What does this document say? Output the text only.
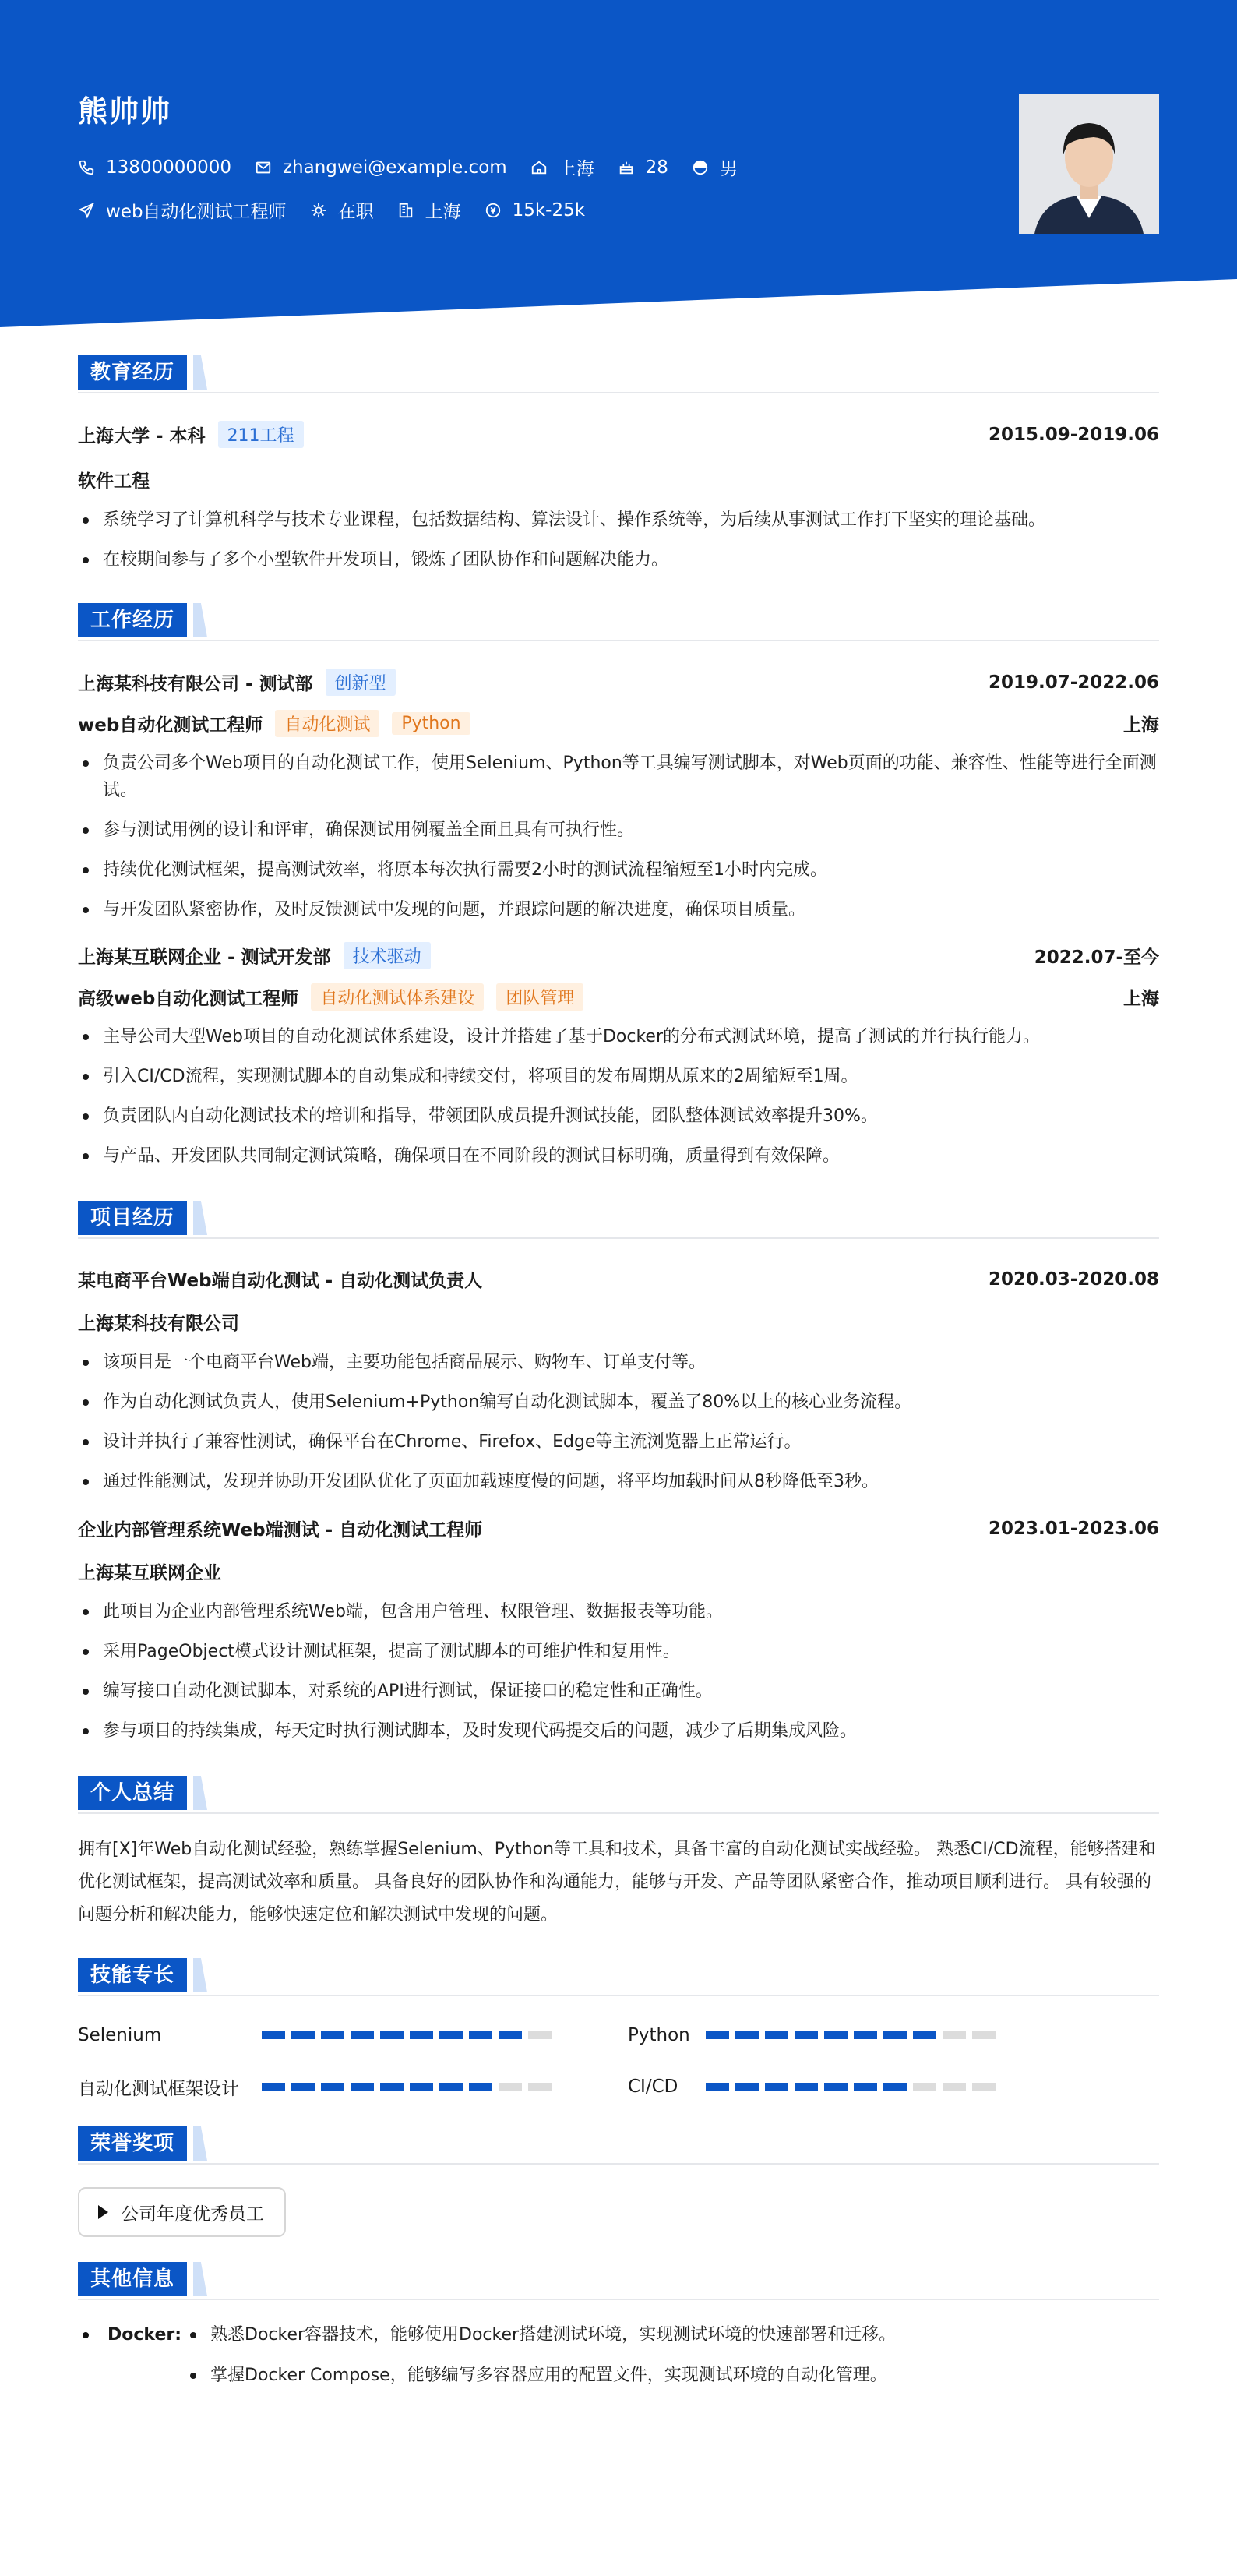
熊帅帅
13800000000	zhangwei@example.com	上海	28	男
web自动化测试工程师	在职	上海	15k-25k
教育经历
上海大学 - 本科	211工程	2015.09-2019.06
软件工程
系统学习了计算机科学与技术专业课程，包括数据结构、算法设计、操作系统等，为后续从事测试工作打下坚实的理论基础。
在校期间参与了多个小型软件开发项目，锻炼了团队协作和问题解决能力。
工作经历
上海某科技有限公司 - 测试部	创新型	2019.07-2022.06
web自动化测试工程师	自动化测试	Python	上海
负责公司多个Web项目的自动化测试工作，使用Selenium、Python等工具编写测试脚本，对Web页面的功能、兼容性、性能等进行全面测试。
参与测试用例的设计和评审，确保测试用例覆盖全面且具有可执行性。
持续优化测试框架，提高测试效率，将原本每次执行需要2小时的测试流程缩短至1小时内完成。
与开发团队紧密协作，及时反馈测试中发现的问题，并跟踪问题的解决进度，确保项目质量。
上海某互联网企业 - 测试开发部	技术驱动	2022.07-至今
高级web自动化测试工程师	自动化测试体系建设	团队管理	上海
主导公司大型Web项目的自动化测试体系建设，设计并搭建了基于Docker的分布式测试环境，提高了测试的并行执行能力。
引入CI/CD流程，实现测试脚本的自动集成和持续交付，将项目的发布周期从原来的2周缩短至1周。
负责团队内自动化测试技术的培训和指导，带领团队成员提升测试技能，团队整体测试效率提升30%。
与产品、开发团队共同制定测试策略，确保项目在不同阶段的测试目标明确，质量得到有效保障。
项目经历
某电商平台Web端自动化测试 - 自动化测试负责人	2020.03-2020.08
上海某科技有限公司
该项目是一个电商平台Web端，主要功能包括商品展示、购物车、订单支付等。
作为自动化测试负责人，使用Selenium+Python编写自动化测试脚本，覆盖了80%以上的核心业务流程。
设计并执行了兼容性测试，确保平台在Chrome、Firefox、Edge等主流浏览器上正常运行。
通过性能测试，发现并协助开发团队优化了页面加载速度慢的问题，将平均加载时间从8秒降低至3秒。
企业内部管理系统Web端测试 - 自动化测试工程师	2023.01-2023.06
上海某互联网企业
此项目为企业内部管理系统Web端，包含用户管理、权限管理、数据报表等功能。
采用PageObject模式设计测试框架，提高了测试脚本的可维护性和复用性。
编写接口自动化测试脚本，对系统的API进行测试，保证接口的稳定性和正确性。
参与项目的持续集成，每天定时执行测试脚本，及时发现代码提交后的问题，减少了后期集成风险。
个人总结
拥有[X]年Web自动化测试经验，熟练掌握Selenium、Python等工具和技术，具备丰富的自动化测试实战经验。 熟悉CI/CD流程，能够搭建和优化测试框架，提高测试效率和质量。 具备良好的团队协作和沟通能力，能够与开发、产品等团队紧密合作，推动项目顺利进行。 具有较强的问题分析和解决能力，能够快速定位和解决测试中发现的问题。
技能专长
Selenium	Python
自动化测试框架设计	CI/CD
荣誉奖项
公司年度优秀员工
其他信息
Docker:	熟悉Docker容器技术，能够使用Docker搭建测试环境，实现测试环境的快速部署和迁移。
掌握Docker Compose，能够编写多容器应用的配置文件，实现测试环境的自动化管理。
